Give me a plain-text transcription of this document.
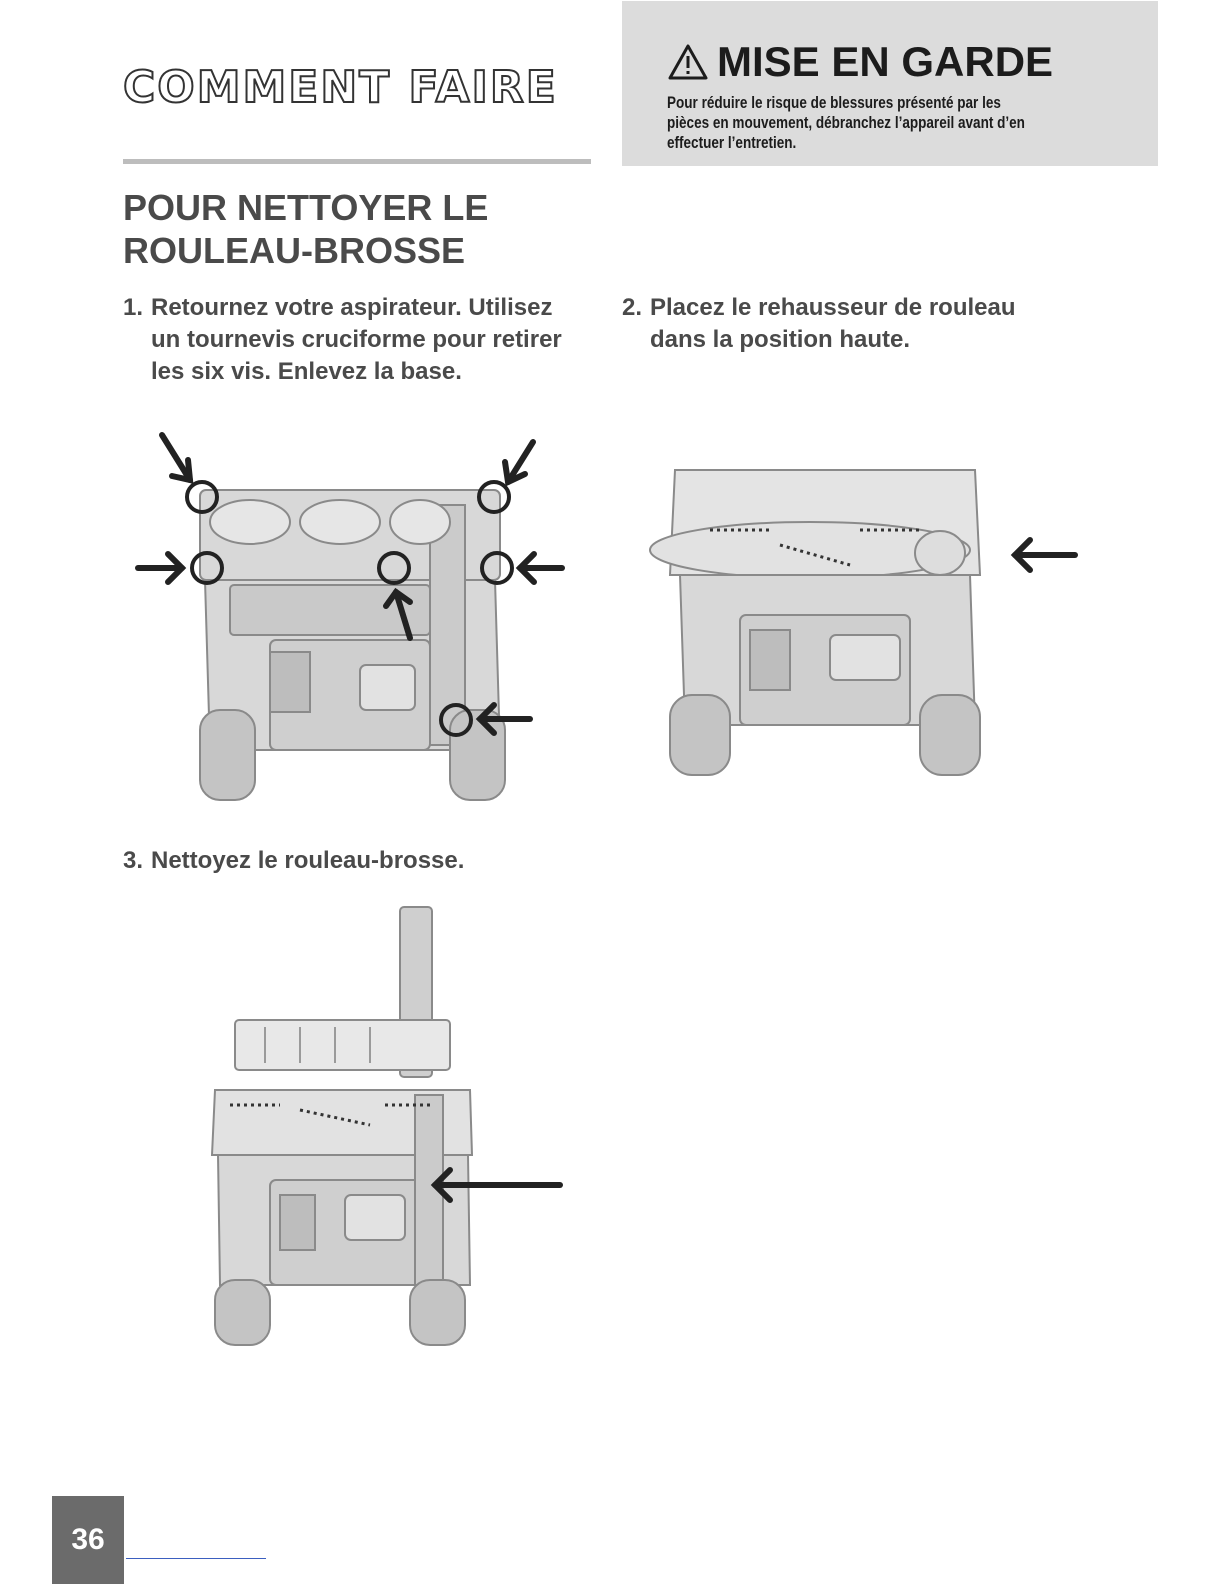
COMMENT FAIRE
MISE EN GARDE

Pour réduire le risque de blessures présenté par les pièces en mouvement, débranchez l’appareil avant d’en effectuer l’entretien.

POUR NETTOYER LE ROULEAU-BROSSE
1. Retournez votre aspirateur. Utilisez un tournevis cruciforme pour retirer les six vis. Enlevez la base.
2. Placez le rehausseur de rouleau dans la position haute.
3. Nettoyez le rouleau-brosse.
36
